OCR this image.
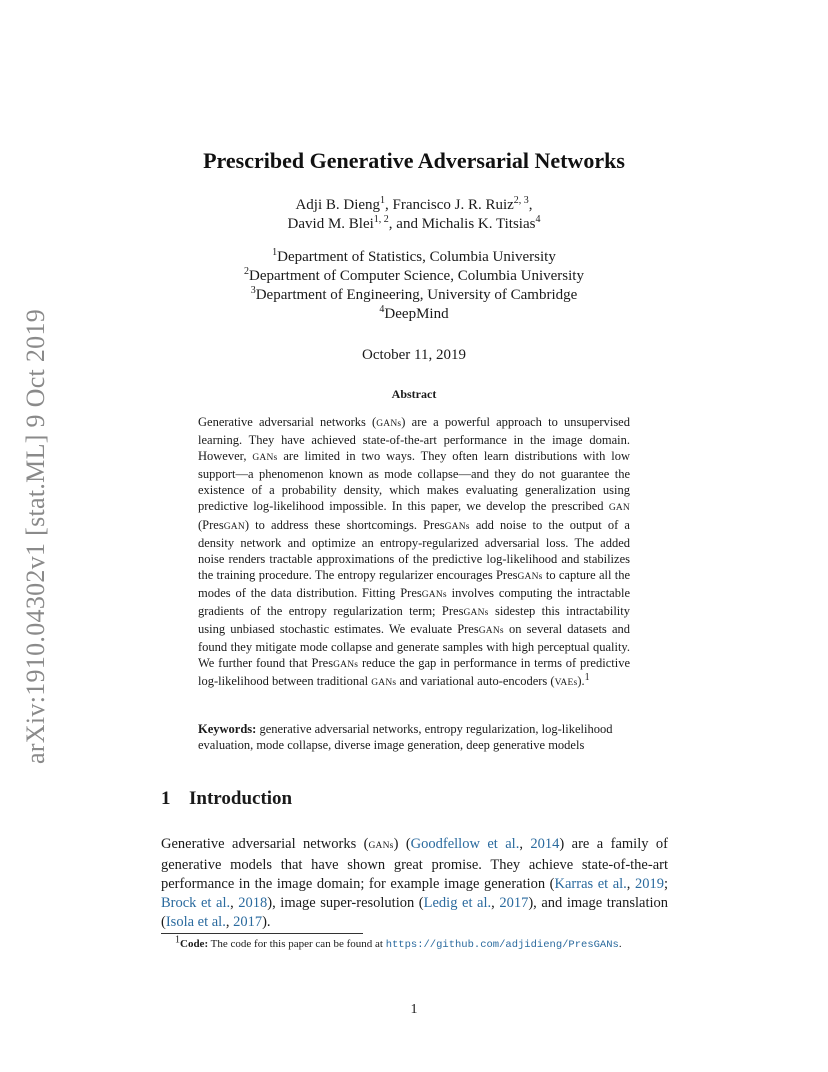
arXiv:1910.04302v1 [stat.ML] 9 Oct 2019
Prescribed Generative Adversarial Networks
Adji B. Dieng$^1$, Francisco J. R. Ruiz$^{2, 3}$,
David M. Blei$^{1, 2}$, and Michalis K. Titsias$^4$
$^1$Department of Statistics, Columbia University
$^2$Department of Computer Science, Columbia University
$^3$Department of Engineering, University of Cambridge
$^4$DeepMind
October 11, 2019
Abstract
Generative adversarial networks (GANs) are a powerful approach to unsupervised learning. They have achieved state-of-the-art performance in the image domain. However, GANs are limited in two ways. They often learn distributions with low support—a phenomenon known as mode collapse—and they do not guarantee the existence of a probability density, which makes evaluating generalization using predictive log-likelihood impossible. In this paper, we develop the prescribed GAN (PresGAN) to address these shortcomings. PresGANs add noise to the output of a density network and optimize an entropy-regularized adversarial loss. The added noise renders tractable approximations of the predictive log-likelihood and stabilizes the training procedure. The entropy regularizer encourages PresGANs to capture all the modes of the data distribution. Fitting PresGANs involves computing the intractable gradients of the entropy regularization term; PresGANs sidestep this intractability using unbiased stochastic estimates. We evaluate PresGANs on several datasets and found they mitigate mode collapse and generate samples with high perceptual quality. We further found that PresGANs reduce the gap in performance in terms of predictive log-likelihood between traditional GANs and variational auto-encoders (VAEs).$^1$
Keywords: generative adversarial networks, entropy regularization, log-likelihood evaluation, mode collapse, diverse image generation, deep generative models
1 Introduction
Generative adversarial networks (GANs) (Goodfellow et al., 2014) are a family of generative models that have shown great promise. They achieve state-of-the-art performance in the image domain; for example image generation (Karras et al., 2019; Brock et al., 2018), image super-resolution (Ledig et al., 2017), and image translation (Isola et al., 2017).
$^1$Code: The code for this paper can be found at https://github.com/adjidieng/PresGANs.
1
